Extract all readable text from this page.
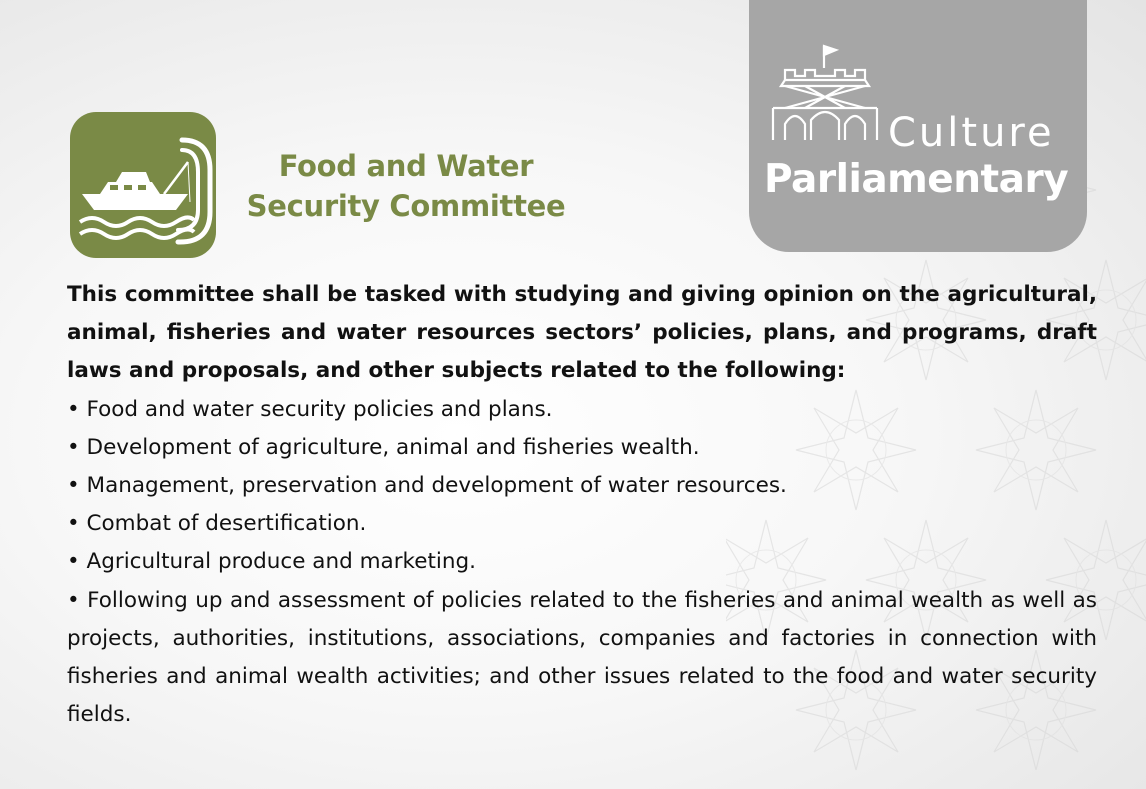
Food and Water
Security Committee
Culture
Parliamentary

This committee shall be tasked with studying and giving opinion on the agricultural, animal, fisheries and water resources sectors’ policies, plans, and programs, draft laws and proposals, and other subjects related to the following:

• Food and water security policies and plans.
• Development of agriculture, animal and fisheries wealth.
• Management, preservation and development of water resources.
• Combat of desertification.
• Agricultural produce and marketing.
• Following up and assessment of policies related to the fisheries and animal wealth as well as projects, authorities, institutions, associations, companies and factories in connection with fisheries and animal wealth activities; and other issues related to the food and water security fields.
